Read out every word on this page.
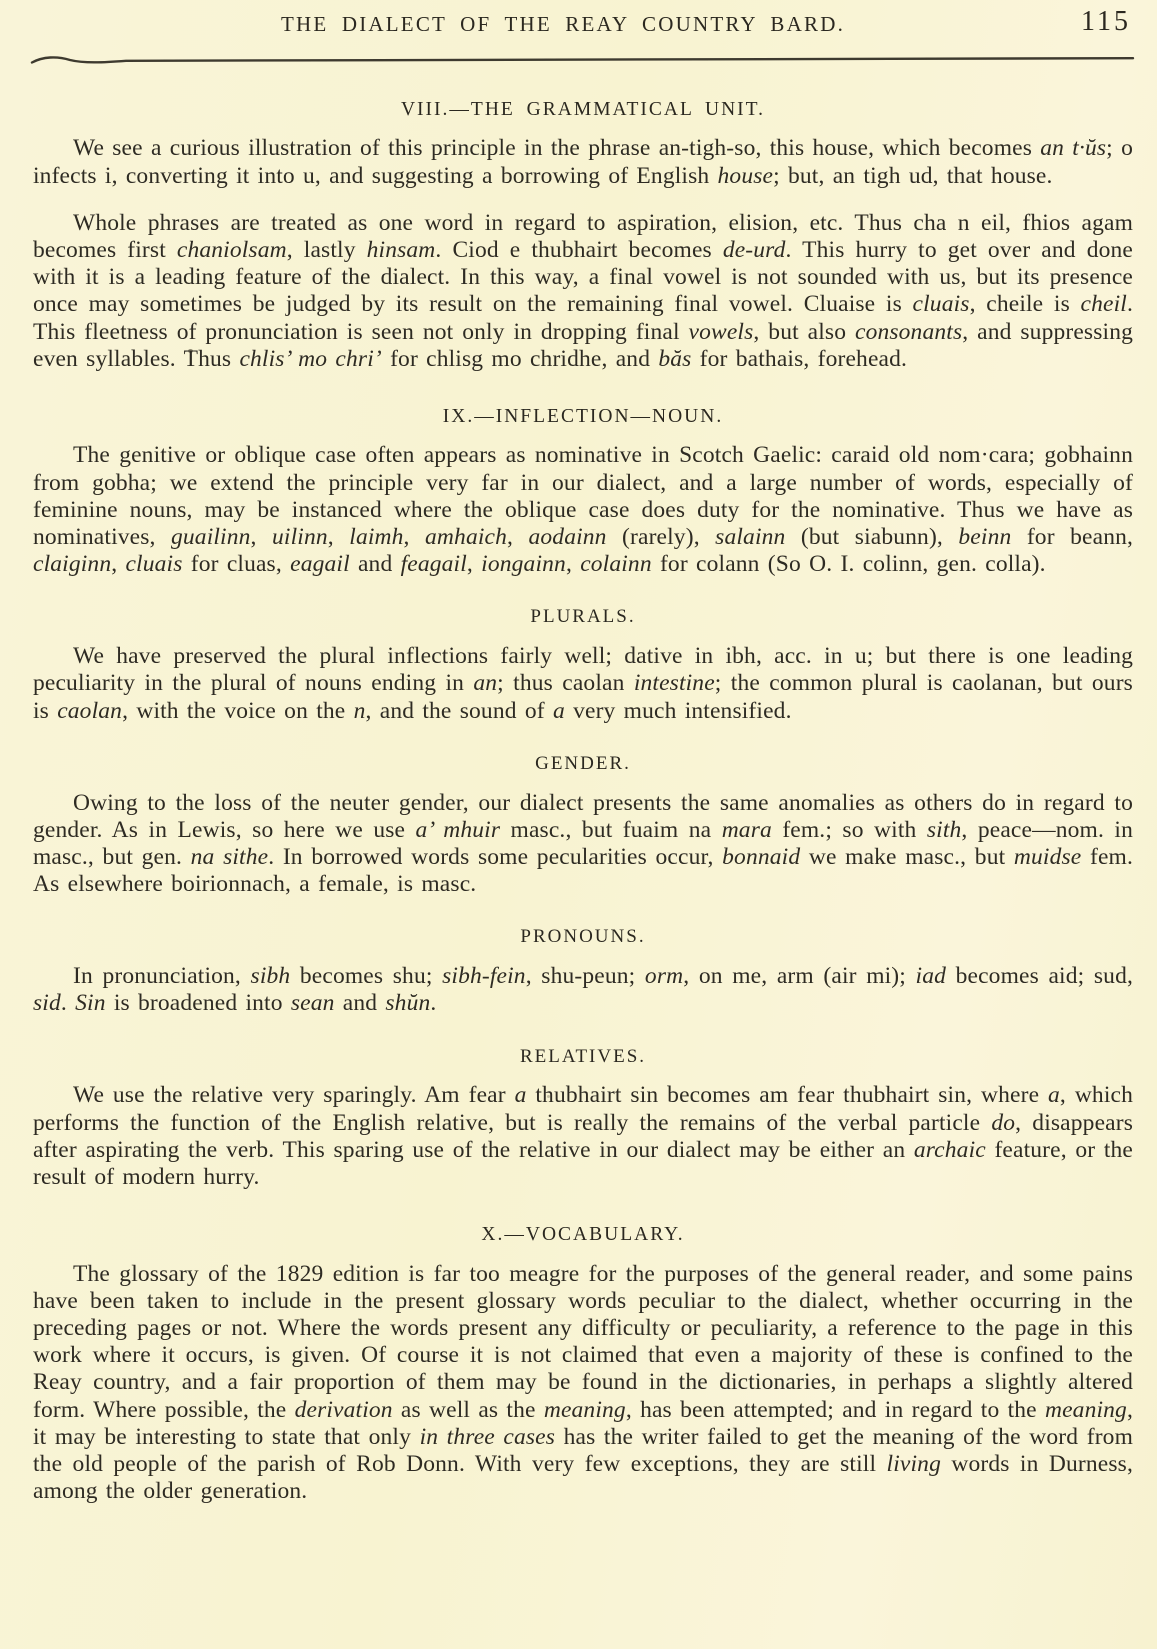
THE DIALECT OF THE REAY COUNTRY BARD.	115
VIII.—THE GRAMMATICAL UNIT.

We see a curious illustration of this principle in the phrase an-tigh-so, this house, which becomes an t·ŭs; o infects i, converting it into u, and suggesting a borrowing of English house; but, an tigh ud, that house.

Whole phrases are treated as one word in regard to aspiration, elision, etc. Thus cha n eil, fhios agam becomes first chaniolsam, lastly hinsam. Ciod e thubhairt becomes de-urd. This hurry to get over and done with it is a leading feature of the dialect. In this way, a final vowel is not sounded with us, but its presence once may sometimes be judged by its result on the remaining final vowel. Cluaise is cluais, cheile is cheil. This fleetness of pronunciation is seen not only in dropping final vowels, but also consonants, and suppressing even syllables. Thus chlis’ mo chri’ for chlisg mo chridhe, and băs for bathais, forehead.

IX.—INFLECTION—NOUN.

The genitive or oblique case often appears as nominative in Scotch Gaelic: caraid old nom·cara; gobhainn from gobha; we extend the principle very far in our dialect, and a large number of words, especially of feminine nouns, may be instanced where the oblique case does duty for the nominative. Thus we have as nominatives, guailinn, uilinn, laimh, amhaich, aodainn (rarely), salainn (but siabunn), beinn for beann, claiginn, cluais for cluas, eagail and feagail, iongainn, colainn for colann (So O. I. colinn, gen. colla).

PLURALS.

We have preserved the plural inflections fairly well; dative in ibh, acc. in u; but there is one leading peculiarity in the plural of nouns ending in an; thus caolan intestine; the common plural is caolanan, but ours is caolan, with the voice on the n, and the sound of a very much intensified.

GENDER.

Owing to the loss of the neuter gender, our dialect presents the same anomalies as others do in regard to gender. As in Lewis, so here we use a’ mhuir masc., but fuaim na mara fem.; so with sith, peace—nom. in masc., but gen. na sithe. In borrowed words some pecularities occur, bonnaid we make masc., but muidse fem. As elsewhere boirionnach, a female, is masc.

PRONOUNS.

In pronunciation, sibh becomes shu; sibh-fein, shu-peun; orm, on me, arm (air mi); iad becomes aid; sud, sid. Sin is broadened into sean and shŭn.

RELATIVES.

We use the relative very sparingly. Am fear a thubhairt sin becomes am fear thubhairt sin, where a, which performs the function of the English relative, but is really the remains of the verbal particle do, disappears after aspirating the verb. This sparing use of the relative in our dialect may be either an archaic feature, or the result of modern hurry.

X.—VOCABULARY.

The glossary of the 1829 edition is far too meagre for the purposes of the general reader, and some pains have been taken to include in the present glossary words peculiar to the dialect, whether occurring in the preceding pages or not. Where the words present any difficulty or peculiarity, a reference to the page in this work where it occurs, is given. Of course it is not claimed that even a majority of these is confined to the Reay country, and a fair proportion of them may be found in the dictionaries, in perhaps a slightly altered form. Where possible, the derivation as well as the meaning, has been attempted; and in regard to the meaning, it may be interesting to state that only in three cases has the writer failed to get the meaning of the word from the old people of the parish of Rob Donn. With very few exceptions, they are still living words in Durness, among the older generation.
